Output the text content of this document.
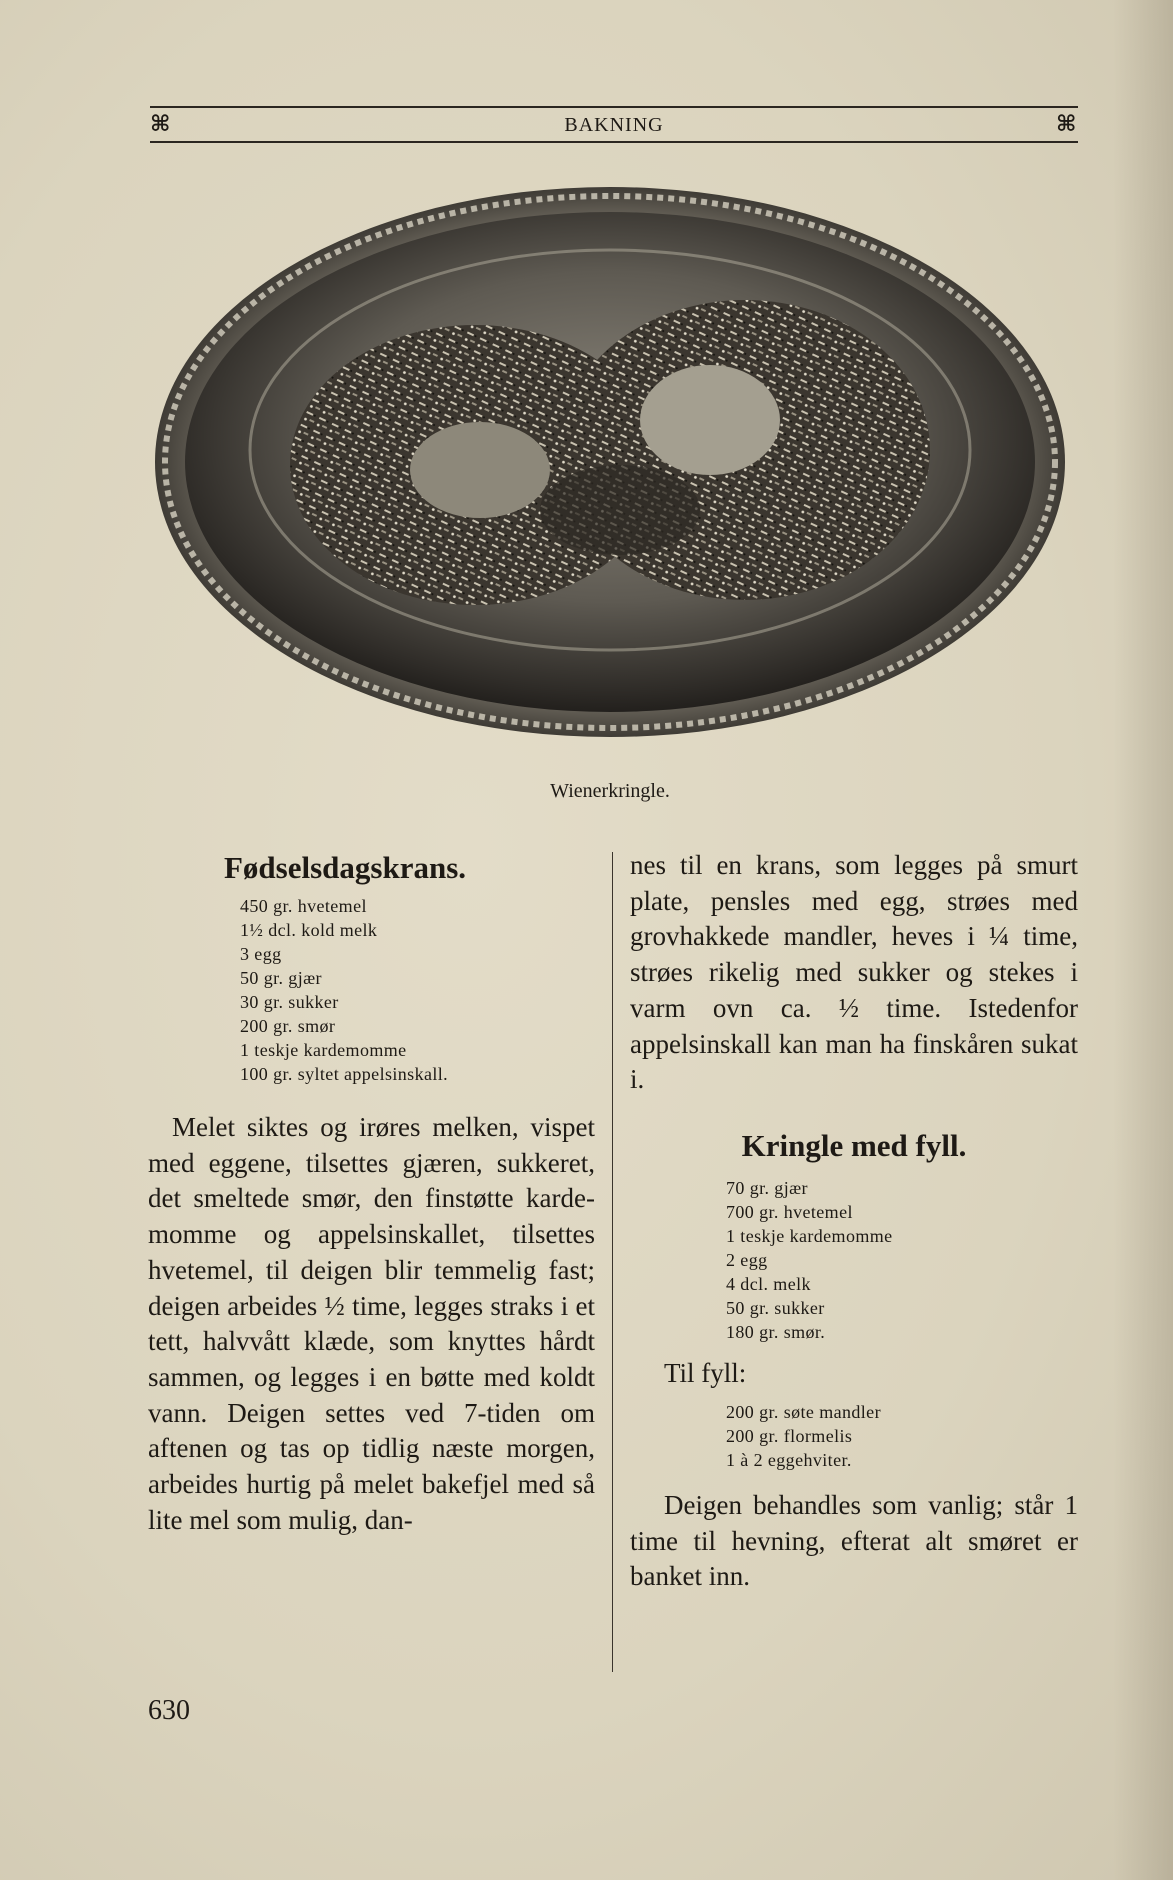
⌘	BAKNING	⌘
Wienerkringle.
Fødselsdagskrans.
450 gr. hvetemel
1½ dcl. kold melk
3 egg
50 gr. gjær
30 gr. sukker
200 gr. smør
1 teskje kardemomme
100 gr. syltet appelsinskall.

Melet siktes og irøres melken, vispet med eggene, tilsettes gjæren, sukkeret, det smeltede smør, den finstøtte kardemomme og appelsinskallet, tilsettes hvetemel, til deigen blir temmelig fast; deigen arbeides ½ time, legges straks i et tett, halvvått klæde, som knyttes hårdt sammen, og legges i en bøtte med koldt vann. Deigen settes ved 7-tiden om aftenen og tas op tidlig næste morgen, arbeides hurtig på melet bakefjel med så lite mel som mulig, dan-

nes til en krans, som legges på smurt plate, pensles med egg, strøes med grovhakkede mandler, heves i ¼ time, strøes rikelig med sukker og stekes i varm ovn ca. ½ time. Istedenfor appelsinskall kan man ha finskåren sukat i.

Kringle med fyll.
70 gr. gjær
700 gr. hvetemel
1 teskje kardemomme
2 egg
4 dcl. melk
50 gr. sukker
180 gr. smør.
Til fyll:
200 gr. søte mandler
200 gr. flormelis
1 à 2 eggehviter.

Deigen behandles som vanlig; står 1 time til hevning, efterat alt smøret er banket inn.

630
